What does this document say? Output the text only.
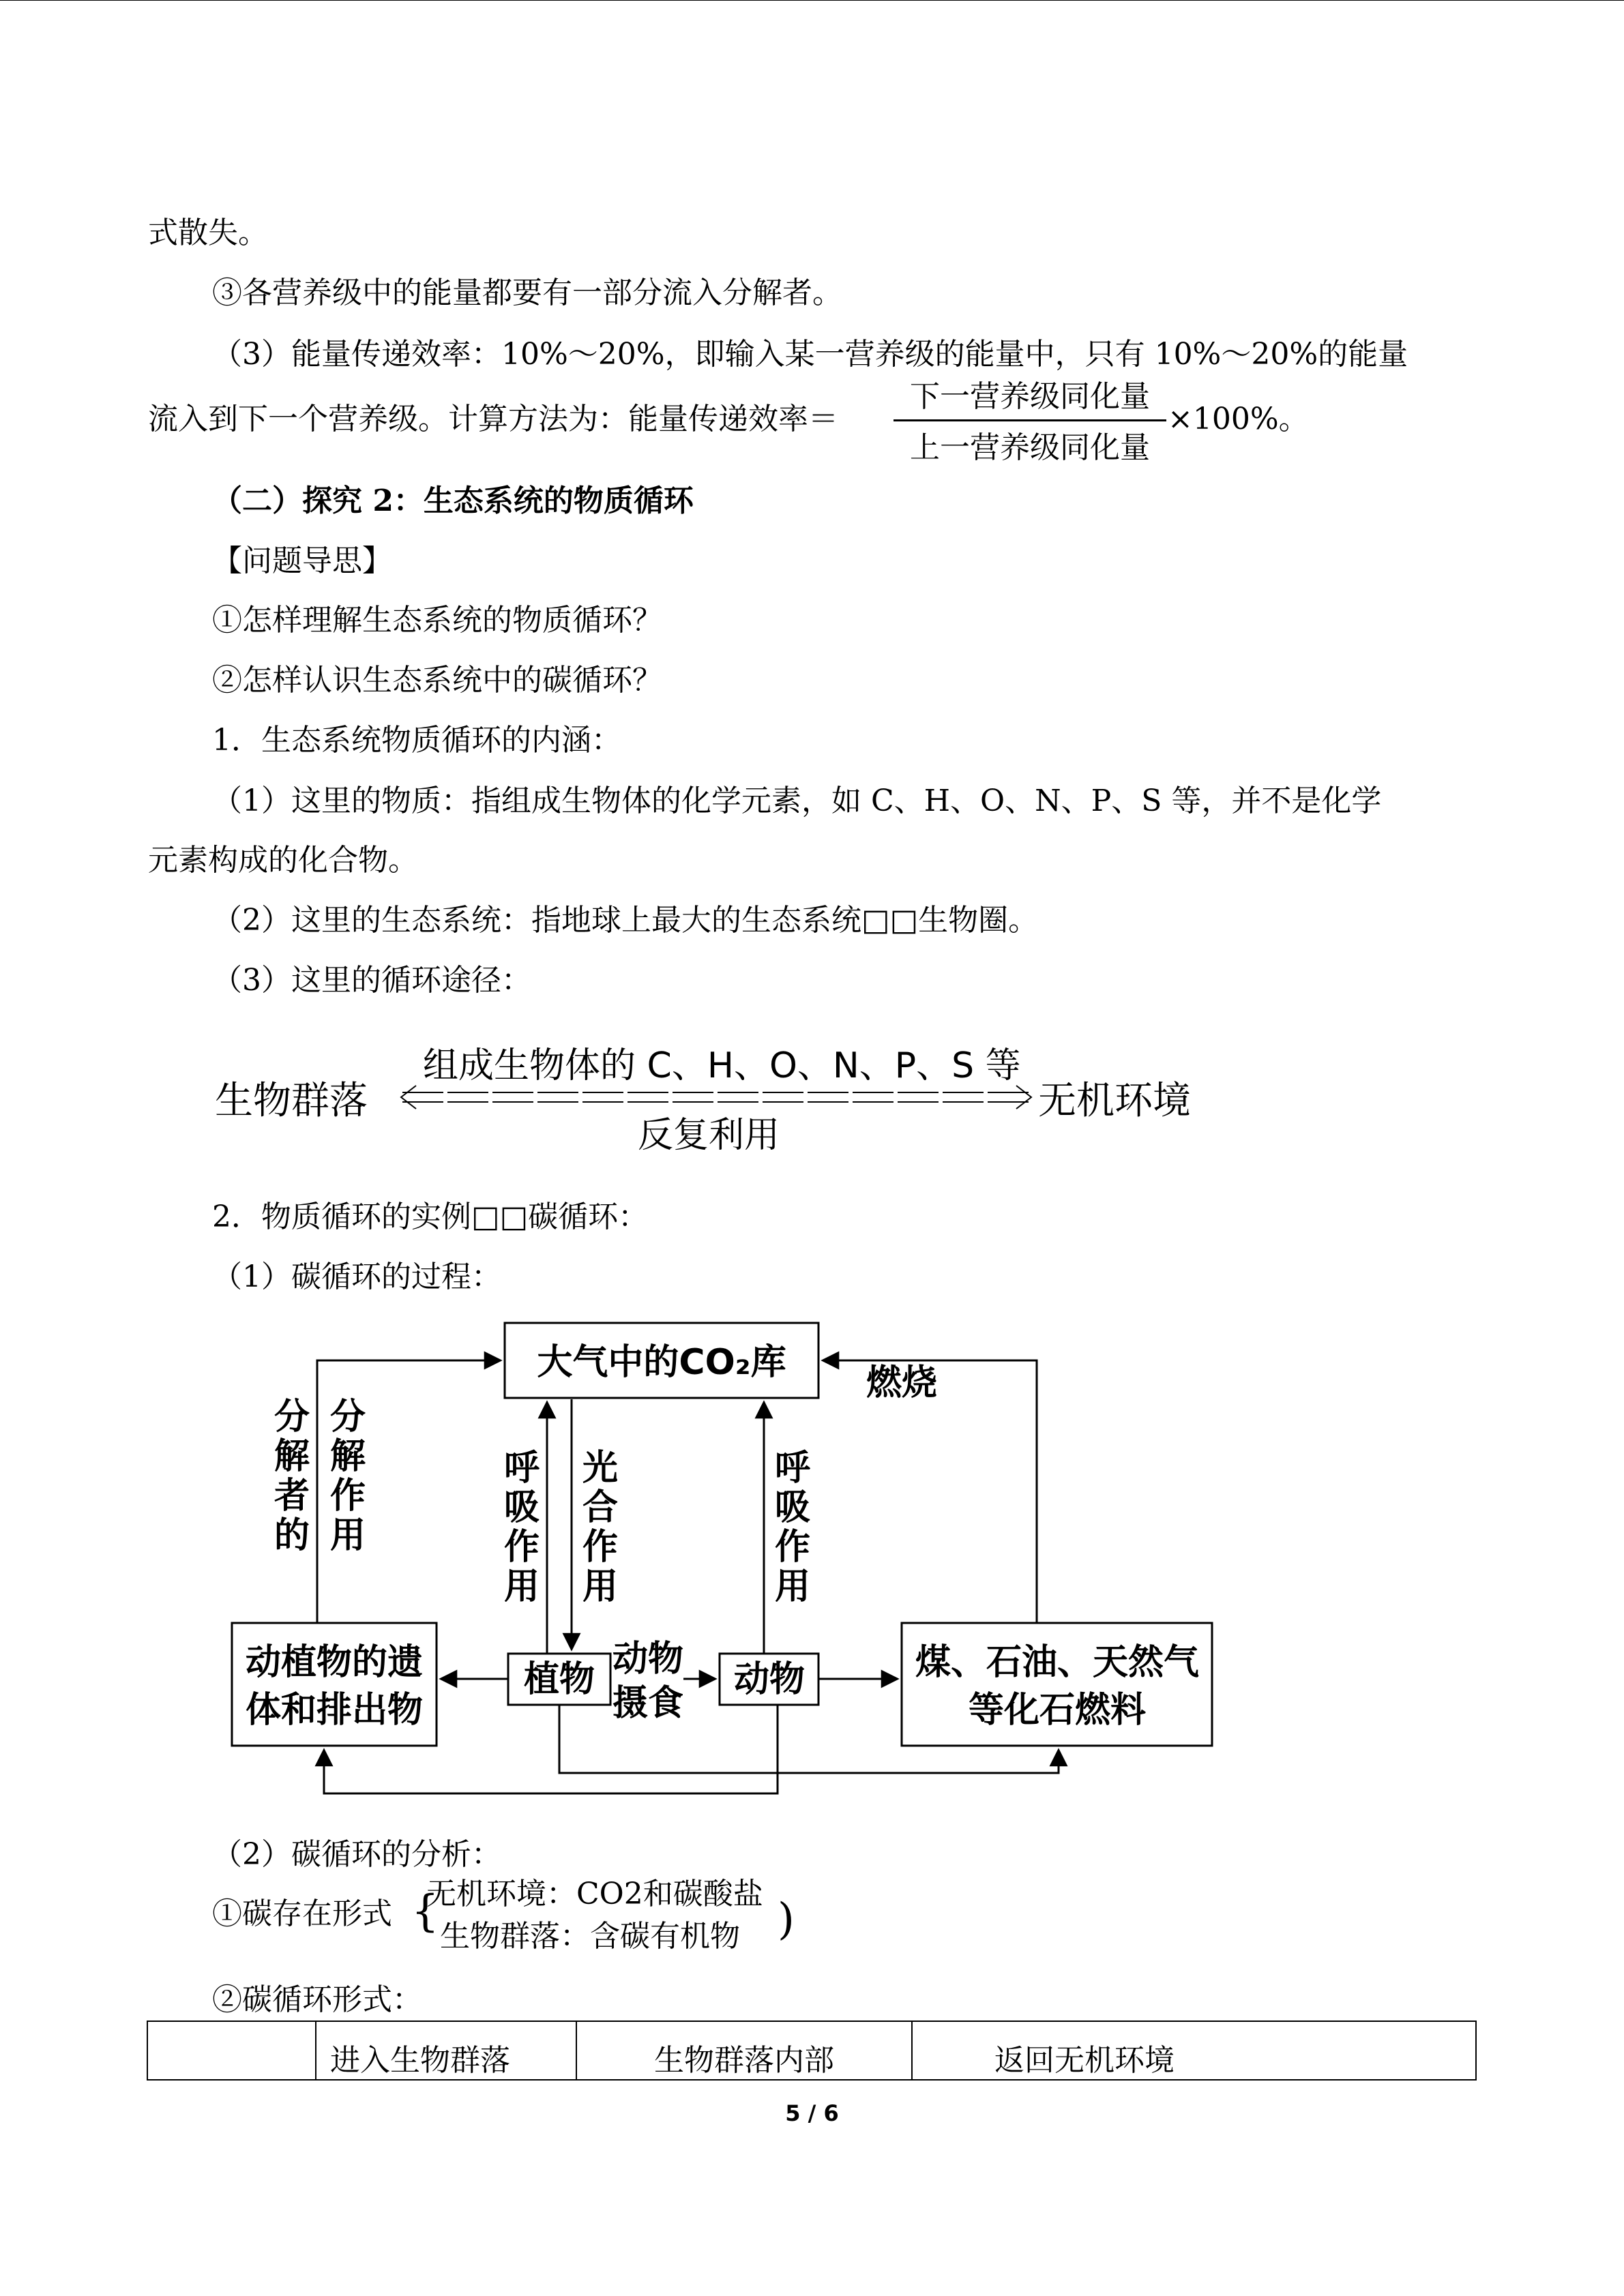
式散失。
③各营养级中的能量都要有一部分流入分解者。
（3）能量传递效率：10%～20%，即输入某一营养级的能量中，只有 10%～20%的能量
流入到下一个营养级。计算方法为：能量传递效率＝
下一营养级同化量
上一营养级同化量
×100%。
（二）探究 2：生态系统的物质循环
【问题导思】
①怎样理解生态系统的物质循环？
②怎样认识生态系统中的碳循环？
1．生态系统物质循环的内涵：
（1）这里的物质：指组成生物体的化学元素，如 C、H、O、N、P、S 等，并不是化学
元素构成的化合物。
（2）这里的生态系统：指地球上最大的生态系统□□生物圈。
（3）这里的循环途径：
生物群落
组成生物体的 C、H、O、N、P、S 等
反复利用
无机环境
2．物质循环的实例□□碳循环：
（1）碳循环的过程：
大气中的CO₂库 燃烧
动植物的遗
体和排出物
植物 动物
摄食
动物	煤、石油、天然气
等化石燃料
分解者的
分解作用
呼吸作用
光合作用
呼吸作用
（2）碳循环的分析：
①碳存在形式 {
无机环境：CO2和碳酸盐
生物群落：含碳有机物 )
②碳循环形式：
	进入生物群落	生物群落内部	返回无机环境
5 / 6
